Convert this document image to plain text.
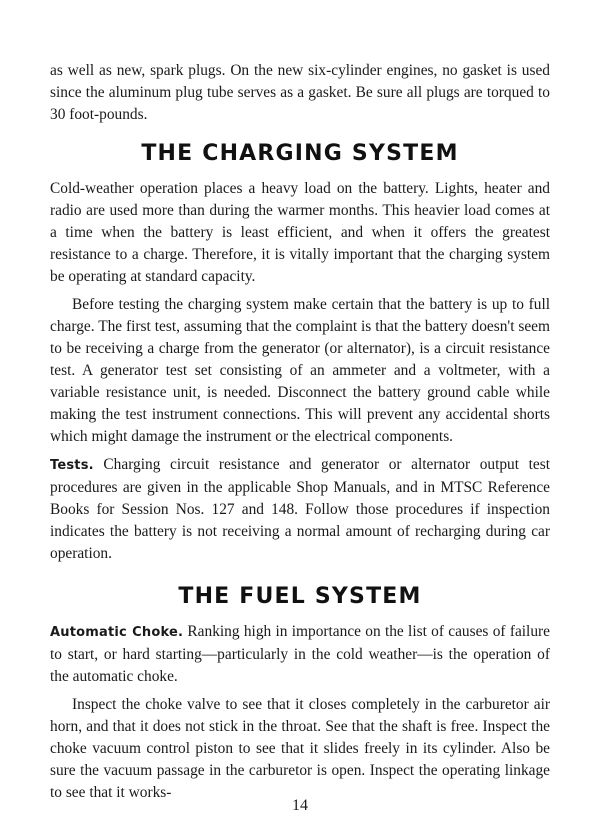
as well as new, spark plugs. On the new six-cylinder engines, no gasket is used since the aluminum plug tube serves as a gasket. Be sure all plugs are torqued to 30 foot-pounds.

THE CHARGING SYSTEM

Cold-weather operation places a heavy load on the battery. Lights, heater and radio are used more than during the warmer months. This heavier load comes at a time when the battery is least efficient, and when it offers the greatest resistance to a charge. Therefore, it is vitally important that the charging system be operating at standard capacity.

Before testing the charging system make certain that the battery is up to full charge. The first test, assuming that the complaint is that the battery doesn't seem to be receiving a charge from the generator (or alternator), is a circuit resistance test. A generator test set consisting of an ammeter and a voltmeter, with a variable resistance unit, is needed. Disconnect the battery ground cable while making the test instrument connections. This will prevent any accidental shorts which might damage the instrument or the electrical components.

Tests. Charging circuit resistance and generator or alternator output test procedures are given in the applicable Shop Manuals, and in MTSC Reference Books for Session Nos. 127 and 148. Follow those procedures if inspection indicates the battery is not receiving a normal amount of recharging during car operation.

THE FUEL SYSTEM

Automatic Choke. Ranking high in importance on the list of causes of failure to start, or hard starting—particularly in the cold weather—is the operation of the automatic choke.

Inspect the choke valve to see that it closes completely in the carburetor air horn, and that it does not stick in the throat. See that the shaft is free. Inspect the choke vacuum control piston to see that it slides freely in its cylinder. Also be sure the vacuum passage in the carburetor is open. Inspect the operating linkage to see that it works-

14
